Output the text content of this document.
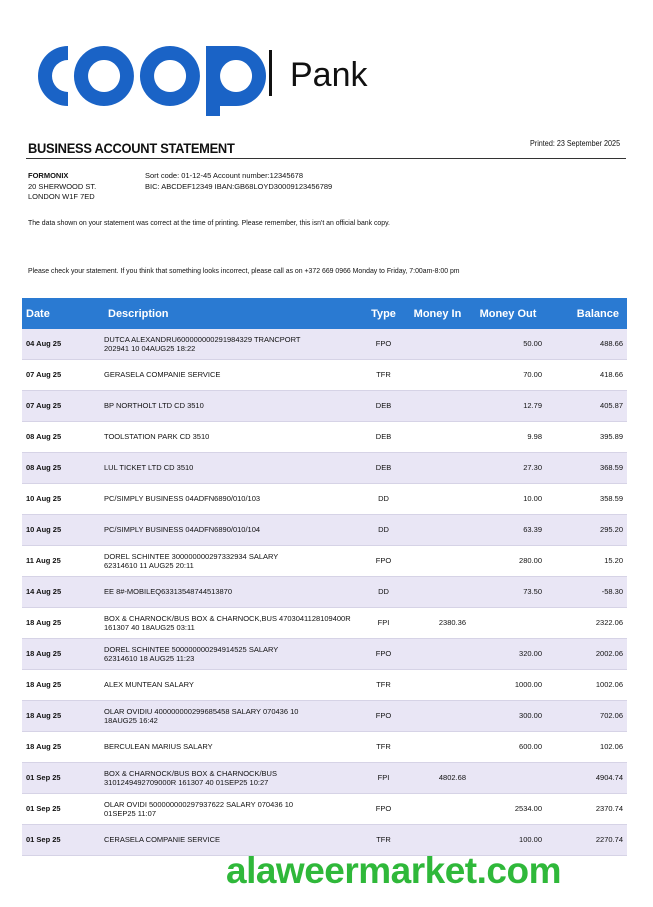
Pank
BUSINESS ACCOUNT STATEMENT	Printed: 23 September 2025
FORMONIX
20 SHERWOOD ST.
LONDON W1F 7ED
Sort code: 01-12-45 Account number:12345678
BIC: ABCDEF12349 IBAN:GB68LOYD30009123456789
The data shown on your statement was correct at the time of printing. Please remember, this isn't an official bank copy.
Please check your statement. If you think that something looks incorrect, please call as on +372 669 0966 Monday to Friday, 7:00am-8:00 pm
Date	Description	Type	Money In	Money Out	Balance
04 Aug 25	DUTCA ALEXANDRU600000000291984329 TRANCPORT
202941 10 04AUG25 18:22	FPO		50.00	488.66
07 Aug 25	GERASELA COMPANIE SERVICE	TFR		70.00	418.66
07 Aug 25	BP NORTHOLT LTD CD 3510	DEB		12.79	405.87
08 Aug 25	TOOLSTATION PARK CD 3510	DEB		9.98	395.89
08 Aug 25	LUL TICKET LTD CD 3510	DEB		27.30	368.59
10 Aug 25	PC/SIMPLY BUSINESS 04ADFN6890/010/103	DD		10.00	358.59
10 Aug 25	PC/SIMPLY BUSINESS 04ADFN6890/010/104	DD		63.39	295.20
11 Aug 25	DOREL SCHINTEE 300000000297332934 SALARY
62314610 11 AUG25 20:11	FPO		280.00	15.20
14 Aug 25	EE 8#-MOBILEQ633135487445138​70	DD		73.50	-58.30
18 Aug 25	BOX & CHARNOCK/BUS BOX & CHARNOCK,BUS 470304112810940​0R
161307 40 18AUG25 03:11	FPI	2380.36		2322.06
18 Aug 25	DOREL SCHINTEE 500000000294914525 SALARY
62314610 18 AUG25 11:23	FPO		320.00	2002.06
18 Aug 25	ALEX MUNTEAN SALARY	TFR		1000.00	1002.06
18 Aug 25	OLAR OVIDIU 400000000299685458 SALARY 070436 10
18AUG25 16:42	FPO		300.00	702.06
18 Aug 25	BERCULEAN MARIUS SALARY	TFR		600.00	102.06
01 Sep 25	BOX & CHARNOCK/BUS BOX & CHARNOCK/BUS
3101249492709000R 161307 40 01SEP25 10:27	FPI	4802.68		4904.74
01 Sep 25	OLAR OVIDI 500000000297937622 SALARY 070436 10
01SEP25 11:07	FPO		2534.00	2370.74
01 Sep 25	CERASELA COMPANIE SERVICE	TFR		100.00	2270.74
alaweermarket.com
